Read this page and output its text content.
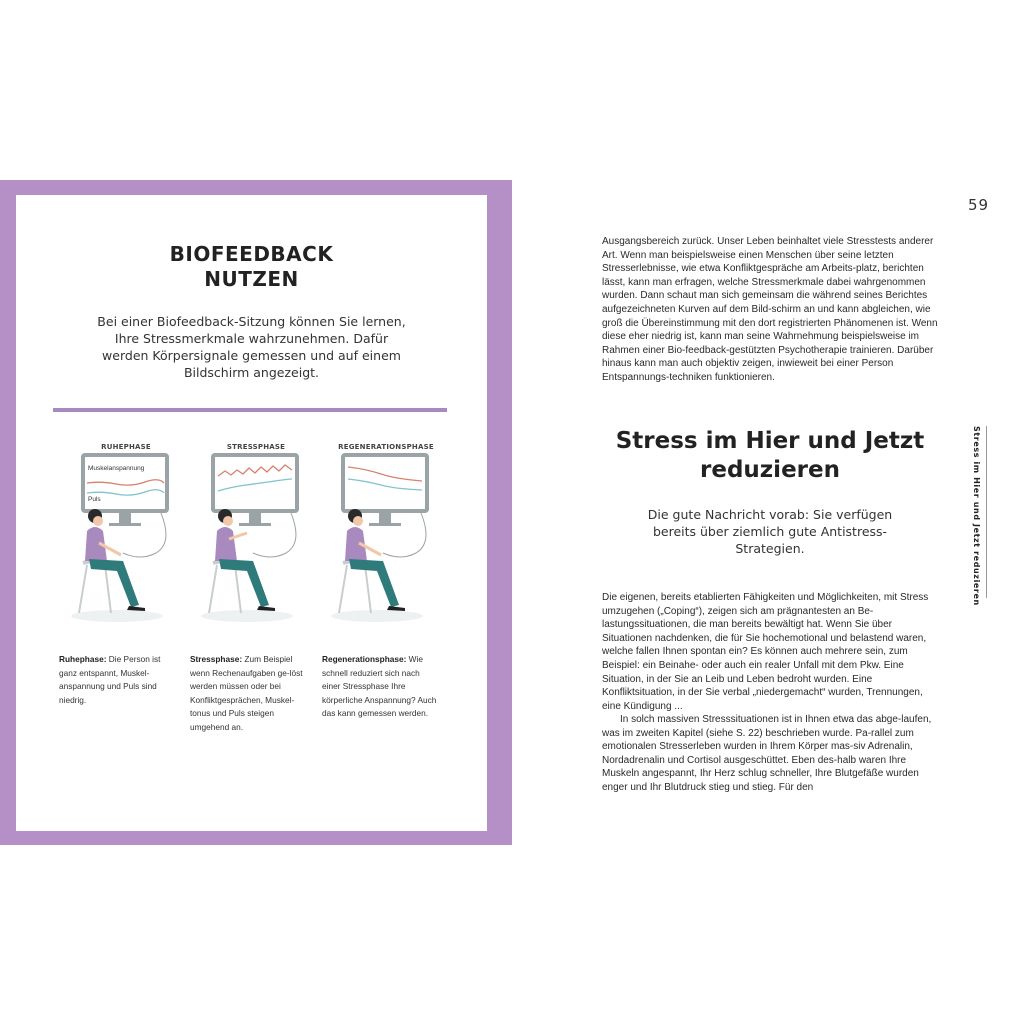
BIOFEEDBACK
NUTZEN
Bei einer Biofeedback-Sitzung können Sie lernen, Ihre Stressmerkmale wahrzunehmen. Dafür werden Körpersignale gemessen und auf einem Bildschirm angezeigt.
RUHEPHASE
Muskelanspannung
Puls
STRESSPHASE	REGENERATIONSPHASE
Ruhephase: Die Person ist ganz entspannt, Muskel-anspannung und Puls sind niedrig.
Stressphase: Zum Beispiel wenn Rechenaufgaben ge-löst werden müssen oder bei Konfliktgesprächen, Muskel-tonus und Puls steigen umgehend an.
Regenerationsphase: Wie schnell reduziert sich nach einer Stressphase Ihre körperliche Anspannung? Auch das kann gemessen werden.
59
Stress im Hier und Jetzt reduzieren

Ausgangsbereich zurück. Unser Leben beinhaltet viele Stresstests anderer Art. Wenn man beispielsweise einen Menschen über seine letzten Stresserlebnisse, wie etwa Konfliktgespräche am Arbeits-platz, berichten lässt, kann man erfragen, welche Stressmerkmale dabei wahrgenommen wurden. Dann schaut man sich gemeinsam die während seines Berichtes aufgezeichneten Kurven auf dem Bild-schirm an und kann abgleichen, wie groß die Übereinstimmung mit den dort registrierten Phänomenen ist. Wenn diese eher niedrig ist, kann man seine Wahrnehmung beispielsweise im Rahmen einer Bio-feedback-gestützten Psychotherapie trainieren. Darüber hinaus kann man auch objektiv zeigen, inwieweit bei einer Person Entspannungs-techniken funktionieren.

Stress im Hier und Jetzt
reduzieren
Die gute Nachricht vorab: Sie verfügen bereits über ziemlich gute Antistress-Strategien.

Die eigenen, bereits etablierten Fähigkeiten und Möglichkeiten, mit Stress umzugehen („Coping“), zeigen sich am prägnantesten an Be-lastungssituationen, die man bereits bewältigt hat. Wenn Sie über Situationen nachdenken, die für Sie hochemotional und belastend waren, welche fallen Ihnen spontan ein? Es können auch mehrere sein, zum Beispiel: ein Beinahe- oder auch ein realer Unfall mit dem Pkw. Eine Situation, in der Sie an Leib und Leben bedroht wurden. Eine Konfliktsituation, in der Sie verbal „niedergemacht“ wurden, Trennungen, eine Kündigung ...

In solch massiven Stresssituationen ist in Ihnen etwa das abge-laufen, was im zweiten Kapitel (siehe S. 22) beschrieben wurde. Pa-rallel zum emotionalen Stresserleben wurden in Ihrem Körper mas-siv Adrenalin, Nordadrenalin und Cortisol ausgeschüttet. Eben des-halb waren Ihre Muskeln angespannt, Ihr Herz schlug schneller, Ihre Blutgefäße wurden enger und Ihr Blutdruck stieg und stieg. Für den
